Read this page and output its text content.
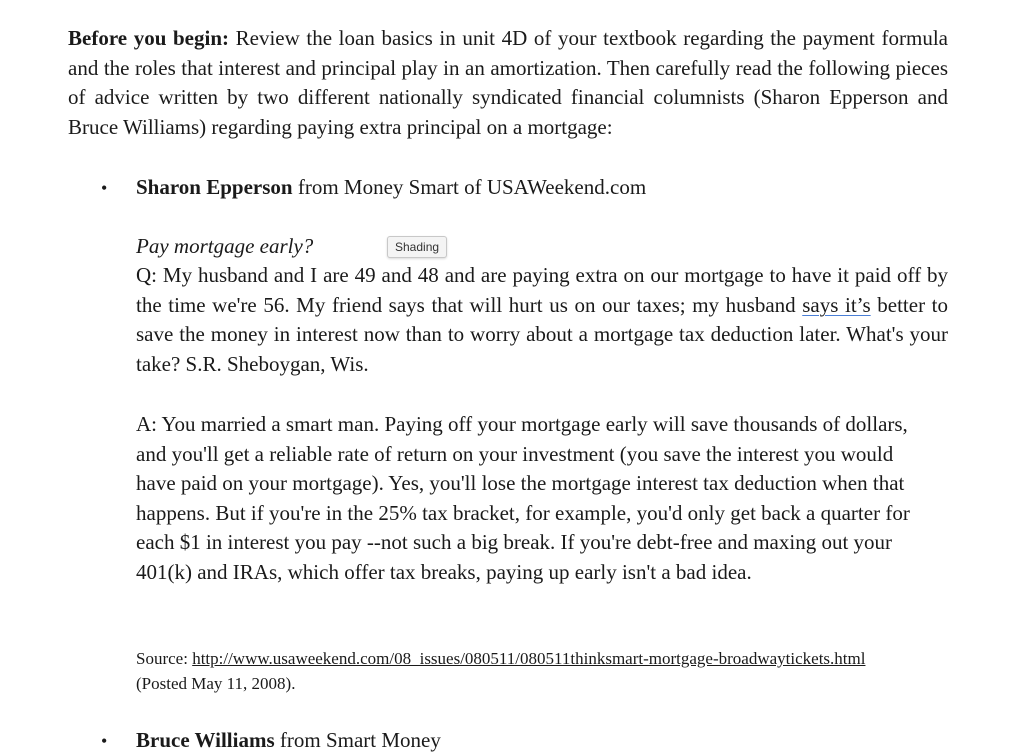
Before you begin: Review the loan basics in unit 4D of your textbook regarding the payment formula and the roles that interest and principal play in an amortization. Then carefully read the following pieces of advice written by two different nationally syndicated financial columnists (Sharon Epperson and Bruce Williams) regarding paying extra principal on a mortgage:

• Sharon Epperson from Money Smart of USAWeekend.com
Pay mortgage early?	Shading

Q: My husband and I are 49 and 48 and are paying extra on our mortgage to have it paid off by the time we're 56. My friend says that will hurt us on our taxes; my husband says it’s better to save the money in interest now than to worry about a mortgage tax deduction later. What's your take? S.R. Sheboygan, Wis.

A: You married a smart man. Paying off your mortgage early will save thousands of dollars, and you'll get a reliable rate of return on your investment (you save the interest you would have paid on your mortgage). Yes, you'll lose the mortgage interest tax deduction when that happens. But if you're in the 25% tax bracket, for example, you'd only get back a quarter for each $1 in interest you pay --not such a big break. If you're debt-free and maxing out your 401(k) and IRAs, which offer tax breaks, paying up early isn't a bad idea.

Source: http://www.usaweekend.com/08_issues/080511/080511thinksmart-mortgage-broadwaytickets.html
(Posted May 11, 2008).

• Bruce Williams from Smart Money
